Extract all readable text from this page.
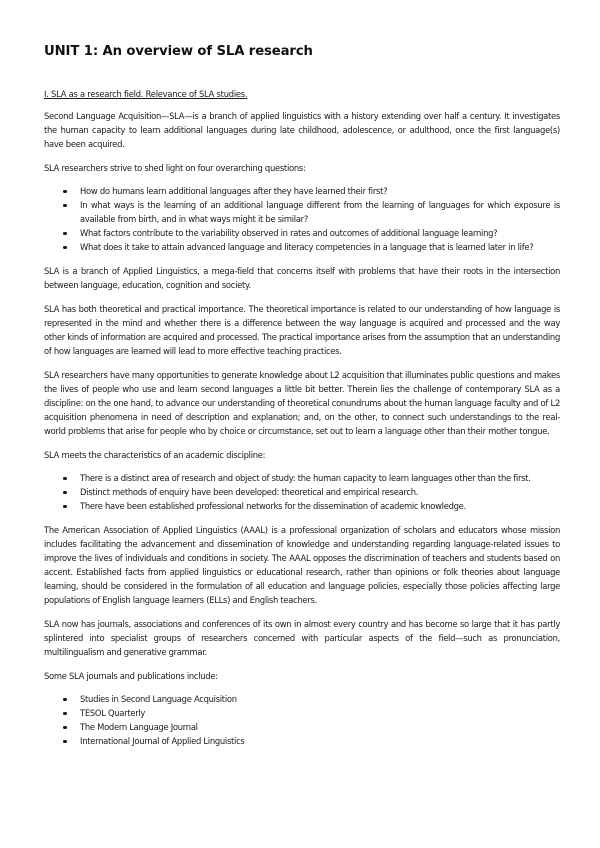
UNIT 1: An overview of SLA research
I. SLA as a research field. Relevance of SLA studies.

Second Language Acquisition—SLA—is a branch of applied linguistics with a history extending over half a century. It investigates the human capacity to learn additional languages during late childhood, adolescence, or adulthood, once the first language(s) have been acquired.

SLA researchers strive to shed light on four overarching questions:

How do humans learn additional languages after they have learned their first?
In what ways is the learning of an additional language different from the learning of languages for which exposure is available from birth, and in what ways might it be similar?
What factors contribute to the variability observed in rates and outcomes of additional language learning?
What does it take to attain advanced language and literacy competencies in a language that is learned later in life?

SLA is a branch of Applied Linguistics, a mega-field that concerns itself with problems that have their roots in the intersection between language, education, cognition and society.

SLA has both theoretical and practical importance. The theoretical importance is related to our understanding of how language is represented in the mind and whether there is a difference between the way language is acquired and processed and the way other kinds of information are acquired and processed. The practical importance arises from the assumption that an understanding of how languages are learned will lead to more effective teaching practices.

SLA researchers have many opportunities to generate knowledge about L2 acquisition that illuminates public questions and makes the lives of people who use and learn second languages a little bit better. Therein lies the challenge of contemporary SLA as a discipline: on the one hand, to advance our understanding of theoretical conundrums about the human language faculty and of L2 acquisition phenomena in need of description and explanation; and, on the other, to connect such understandings to the real-world problems that arise for people who by choice or circumstance, set out to learn a language other than their mother tongue.

SLA meets the characteristics of an academic discipline:

There is a distinct area of research and object of study: the human capacity to learn languages other than the first.
Distinct methods of enquiry have been developed: theoretical and empirical research.
There have been established professional networks for the dissemination of academic knowledge.

The American Association of Applied Linguistics (AAAL) is a professional organization of scholars and educators whose mission includes facilitating the advancement and dissemination of knowledge and understanding regarding language-related issues to improve the lives of individuals and conditions in society. The AAAL opposes the discrimination of teachers and students based on accent. Established facts from applied linguistics or educational research, rather than opinions or folk theories about language learning, should be considered in the formulation of all education and language policies, especially those policies affecting large populations of English language learners (ELLs) and English teachers.

SLA now has journals, associations and conferences of its own in almost every country and has become so large that it has partly splintered into specialist groups of researchers concerned with particular aspects of the field—such as pronunciation, multilingualism and generative grammar.

Some SLA journals and publications include:

Studies in Second Language Acquisition
TESOL Quarterly
The Modern Language Journal
International Journal of Applied Linguistics
